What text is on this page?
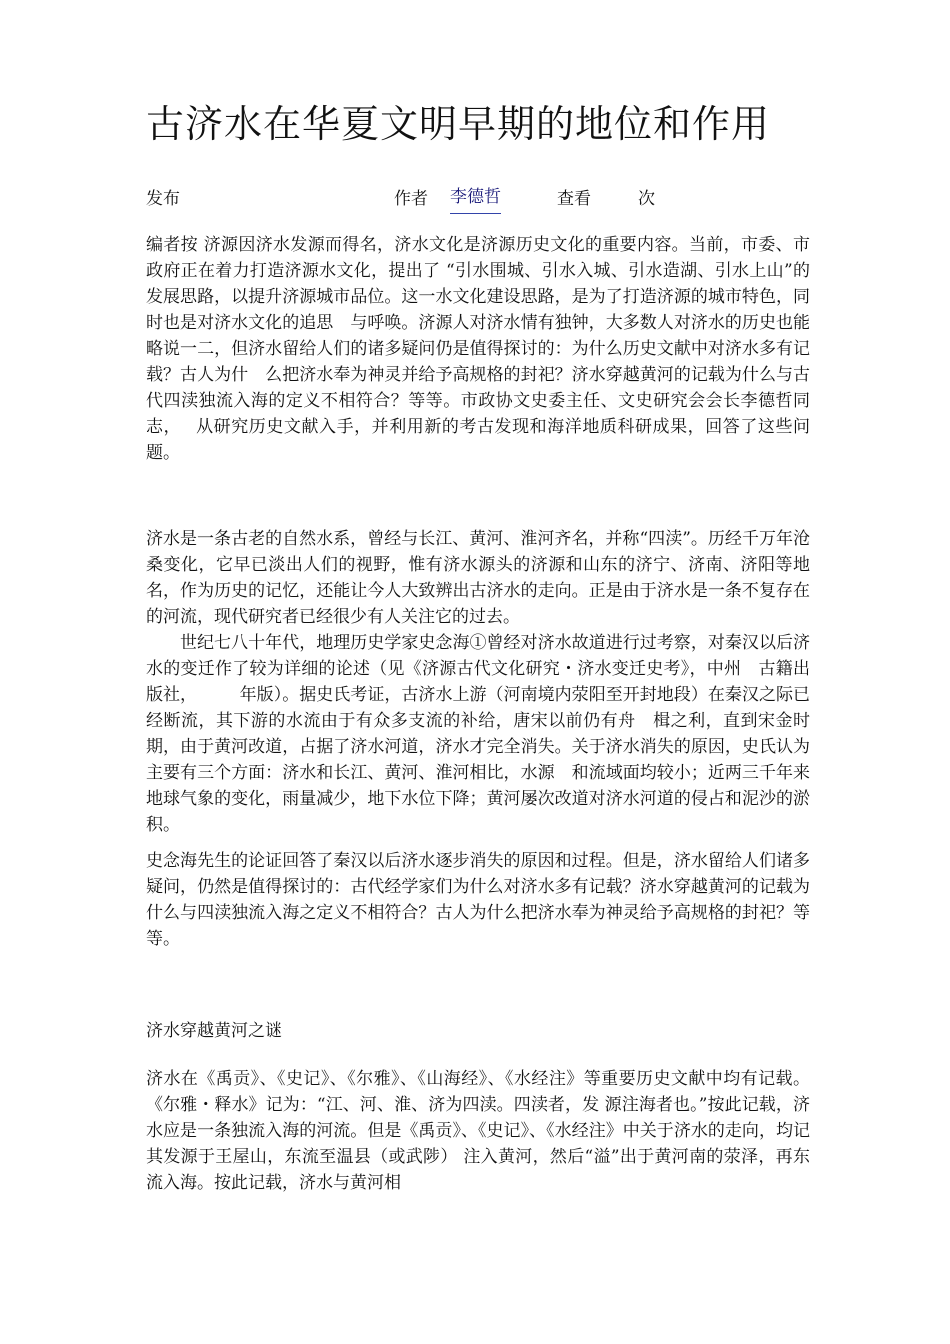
古济水在华夏文明早期的地位和作用
发布	作者 李德哲	查看	次

编者按 济源因济水发源而得名，济水文化是济源历史文化的重要内容。当前，市委、市政府正在着力打造济源水文化，提出了 “引水围城、引水入城、引水造湖、引水上山”的发展思路，以提升济源城市品位。这一水文化建设思路，是为了打造济源的城市特色，同时也是对济水文化的追思　与呼唤。济源人对济水情有独钟，大多数人对济水的历史也能略说一二，但济水留给人们的诸多疑问仍是值得探讨的：为什么历史文献中对济水多有记载？古人为什　么把济水奉为神灵并给予高规格的封祀？济水穿越黄河的记载为什么与古代四渎独流入海的定义不相符合？等等。市政协文史委主任、文史研究会会长李德哲同志，　 从研究历史文献入手，并利用新的考古发现和海洋地质科研成果，回答了这些问题。

济水是一条古老的自然水系，曾经与长江、黄河、淮河齐名，并称“四渎”。历经千万年沧桑变化，它早已淡出人们的视野，惟有济水源头的济源和山东的济宁、济南、济阳等地名，作为历史的记忆，还能让今人大致辨出古济水的走向。正是由于济水是一条不复存在的河流，现代研究者已经很少有人关注它的过去。

世纪七八十年代，地理历史学家史念海①曾经对济水故道进行过考察，对秦汉以后济水的变迁作了较为详细的论述（见《济源古代文化研究・济水变迁史考》，中州　古籍出版社，　　　年版）。据史氏考证，古济水上游（河南境内荥阳至开封地段）在秦汉之际已经断流，其下游的水流由于有众多支流的补给，唐宋以前仍有舟　楫之利，直到宋金时期，由于黄河改道，占据了济水河道，济水才完全消失。关于济水消失的原因，史氏认为主要有三个方面：济水和长江、黄河、淮河相比，水源　和流域面均较小；近两三千年来地球气象的变化，雨量减少，地下水位下降；黄河屡次改道对济水河道的侵占和泥沙的淤积。

史念海先生的论证回答了秦汉以后济水逐步消失的原因和过程。但是，济水留给人们诸多疑问，仍然是值得探讨的：古代经学家们为什么对济水多有记载？济水穿越黄河的记载为什么与四渎独流入海之定义不相符合？古人为什么把济水奉为神灵给予高规格的封祀？等等。

济水穿越黄河之谜

济水在《禹贡》、《史记》、《尔雅》、《山海经》、《水经注》等重要历史文献中均有记载。《尔雅・释水》记为：“江、河、淮、济为四渎。四渎者，发 源注海者也。”按此记载，济水应是一条独流入海的河流。但是《禹贡》、《史记》、《水经注》中关于济水的走向，均记其发源于王屋山，东流至温县（或武陟） 注入黄河，然后“溢”出于黄河南的荥泽，再东流入海。按此记载，济水与黄河相
